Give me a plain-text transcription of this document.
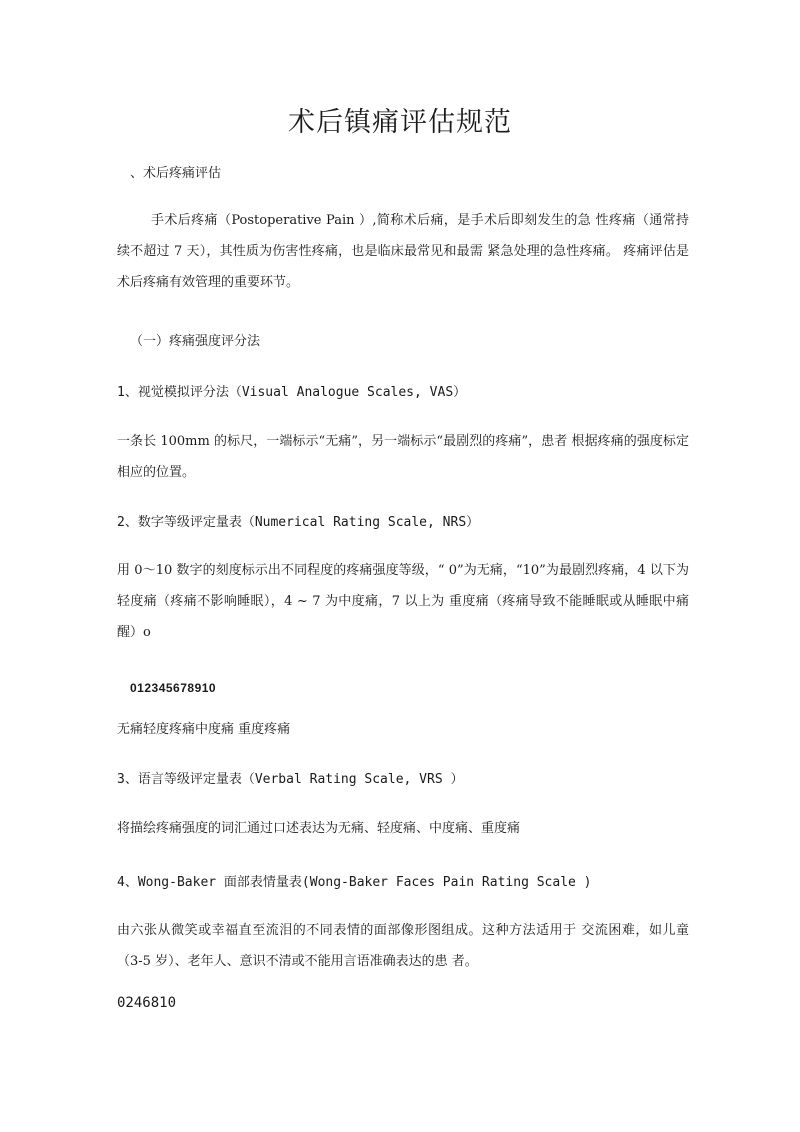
术后镇痛评估规范

、术后疼痛评估

手术后疼痛（Postoperative Pain ）,简称术后痛，是手术后即刻发生的急 性疼痛（通常持续不超过 7 天），其性质为伤害性疼痛，也是临床最常见和最需 紧急处理的急性疼痛。 疼痛评估是术后疼痛有效管理的重要环节。

（一）疼痛强度评分法

1、视觉模拟评分法（Visual Analogue Scales, VAS）

一条长 100mm 的标尺，一端标示“无痛”，另一端标示“最剧烈的疼痛”，患者 根据疼痛的强度标定相应的位置。

2、数字等级评定量表（Numerical Rating Scale, NRS）

用 0〜10 数字的刻度标示出不同程度的疼痛强度等级，“ 0”为无痛，“10”为最剧烈疼痛，4 以下为轻度痛（疼痛不影响睡眠），4 ~ 7 为中度痛，7 以上为 重度痛（疼痛导致不能睡眠或从睡眠中痛醒）o

012345678910

无痛轻度疼痛中度痛 重度疼痛

3、语言等级评定量表（Verbal Rating Scale, VRS ）

将描绘疼痛强度的词汇通过口述表达为无痛、轻度痛、中度痛、重度痛

4、Wong-Baker 面部表情量表(Wong-Baker Faces Pain Rating Scale )

由六张从微笑或幸福直至流泪的不同表情的面部像形图组成。这种方法适用于 交流困难，如儿童（3-5 岁）、老年人、意识不清或不能用言语准确表达的患 者。

0246810
